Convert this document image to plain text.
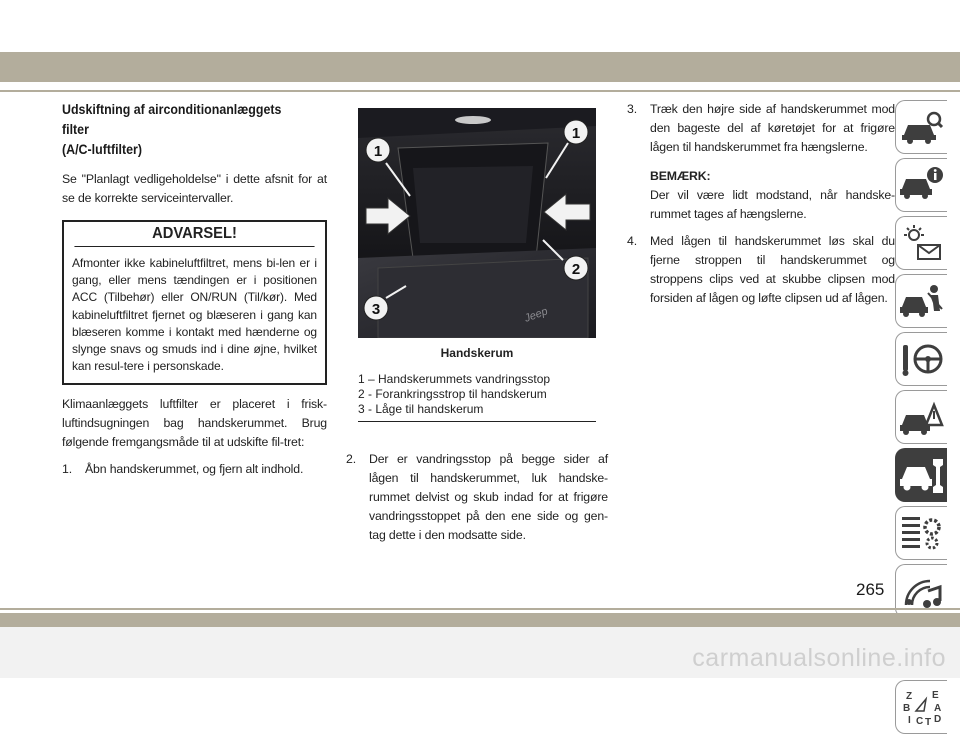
Udskiftning af airconditionanlæggets filter
(A/C-luftfilter)

Se "Planlagt vedligeholdelse" i dette afsnit for at se de korrekte serviceintervaller.

ADVARSEL!
Afmonter ikke kabineluftfiltret, mens bi-len er i gang, eller mens tændingen er i positionen ACC (Tilbehør) eller ON/RUN (Til/kør). Med kabineluftfiltret fjernet og blæseren i gang kan blæseren komme i kontakt med hænderne og slynge snavs og smuds ind i dine øjne, hvilket kan resul-tere i personskade.

Klimaanlæggets luftfilter er placeret i frisk-luftindsugningen bag handskerummet. Brug følgende fremgangsmåde til at udskifte fil-tret:

1. Åbn handskerummet, og fjern alt indhold.
Jeep
1
1
2
3
Handskerum
1 – Handskerummets vandringsstop
2 - Forankringsstrop til handskerum
3 - Låge til handskerum
2. Der er vandringsstop på begge sider af lågen til handskerummet, luk handske-rummet delvist og skub indad for at frigøre vandringsstoppet på den ene side og gen-tag dette i den modsatte side.
3. Træk den højre side af handskerummet mod den bageste del af køretøjet for at frigøre lågen til handskerummet fra hængslerne.
BEMÆRK:
Der vil være lidt modstand, når handske-rummet tages af hængslerne.
4. Med lågen til handskerummet løs skal du fjerne stroppen til handskerummet og stroppens clips ved at skubbe clipsen mod forsiden af lågen og løfte clipsen ud af lågen.
Z E
B A
I C T D
265
carmanualsonline.info
